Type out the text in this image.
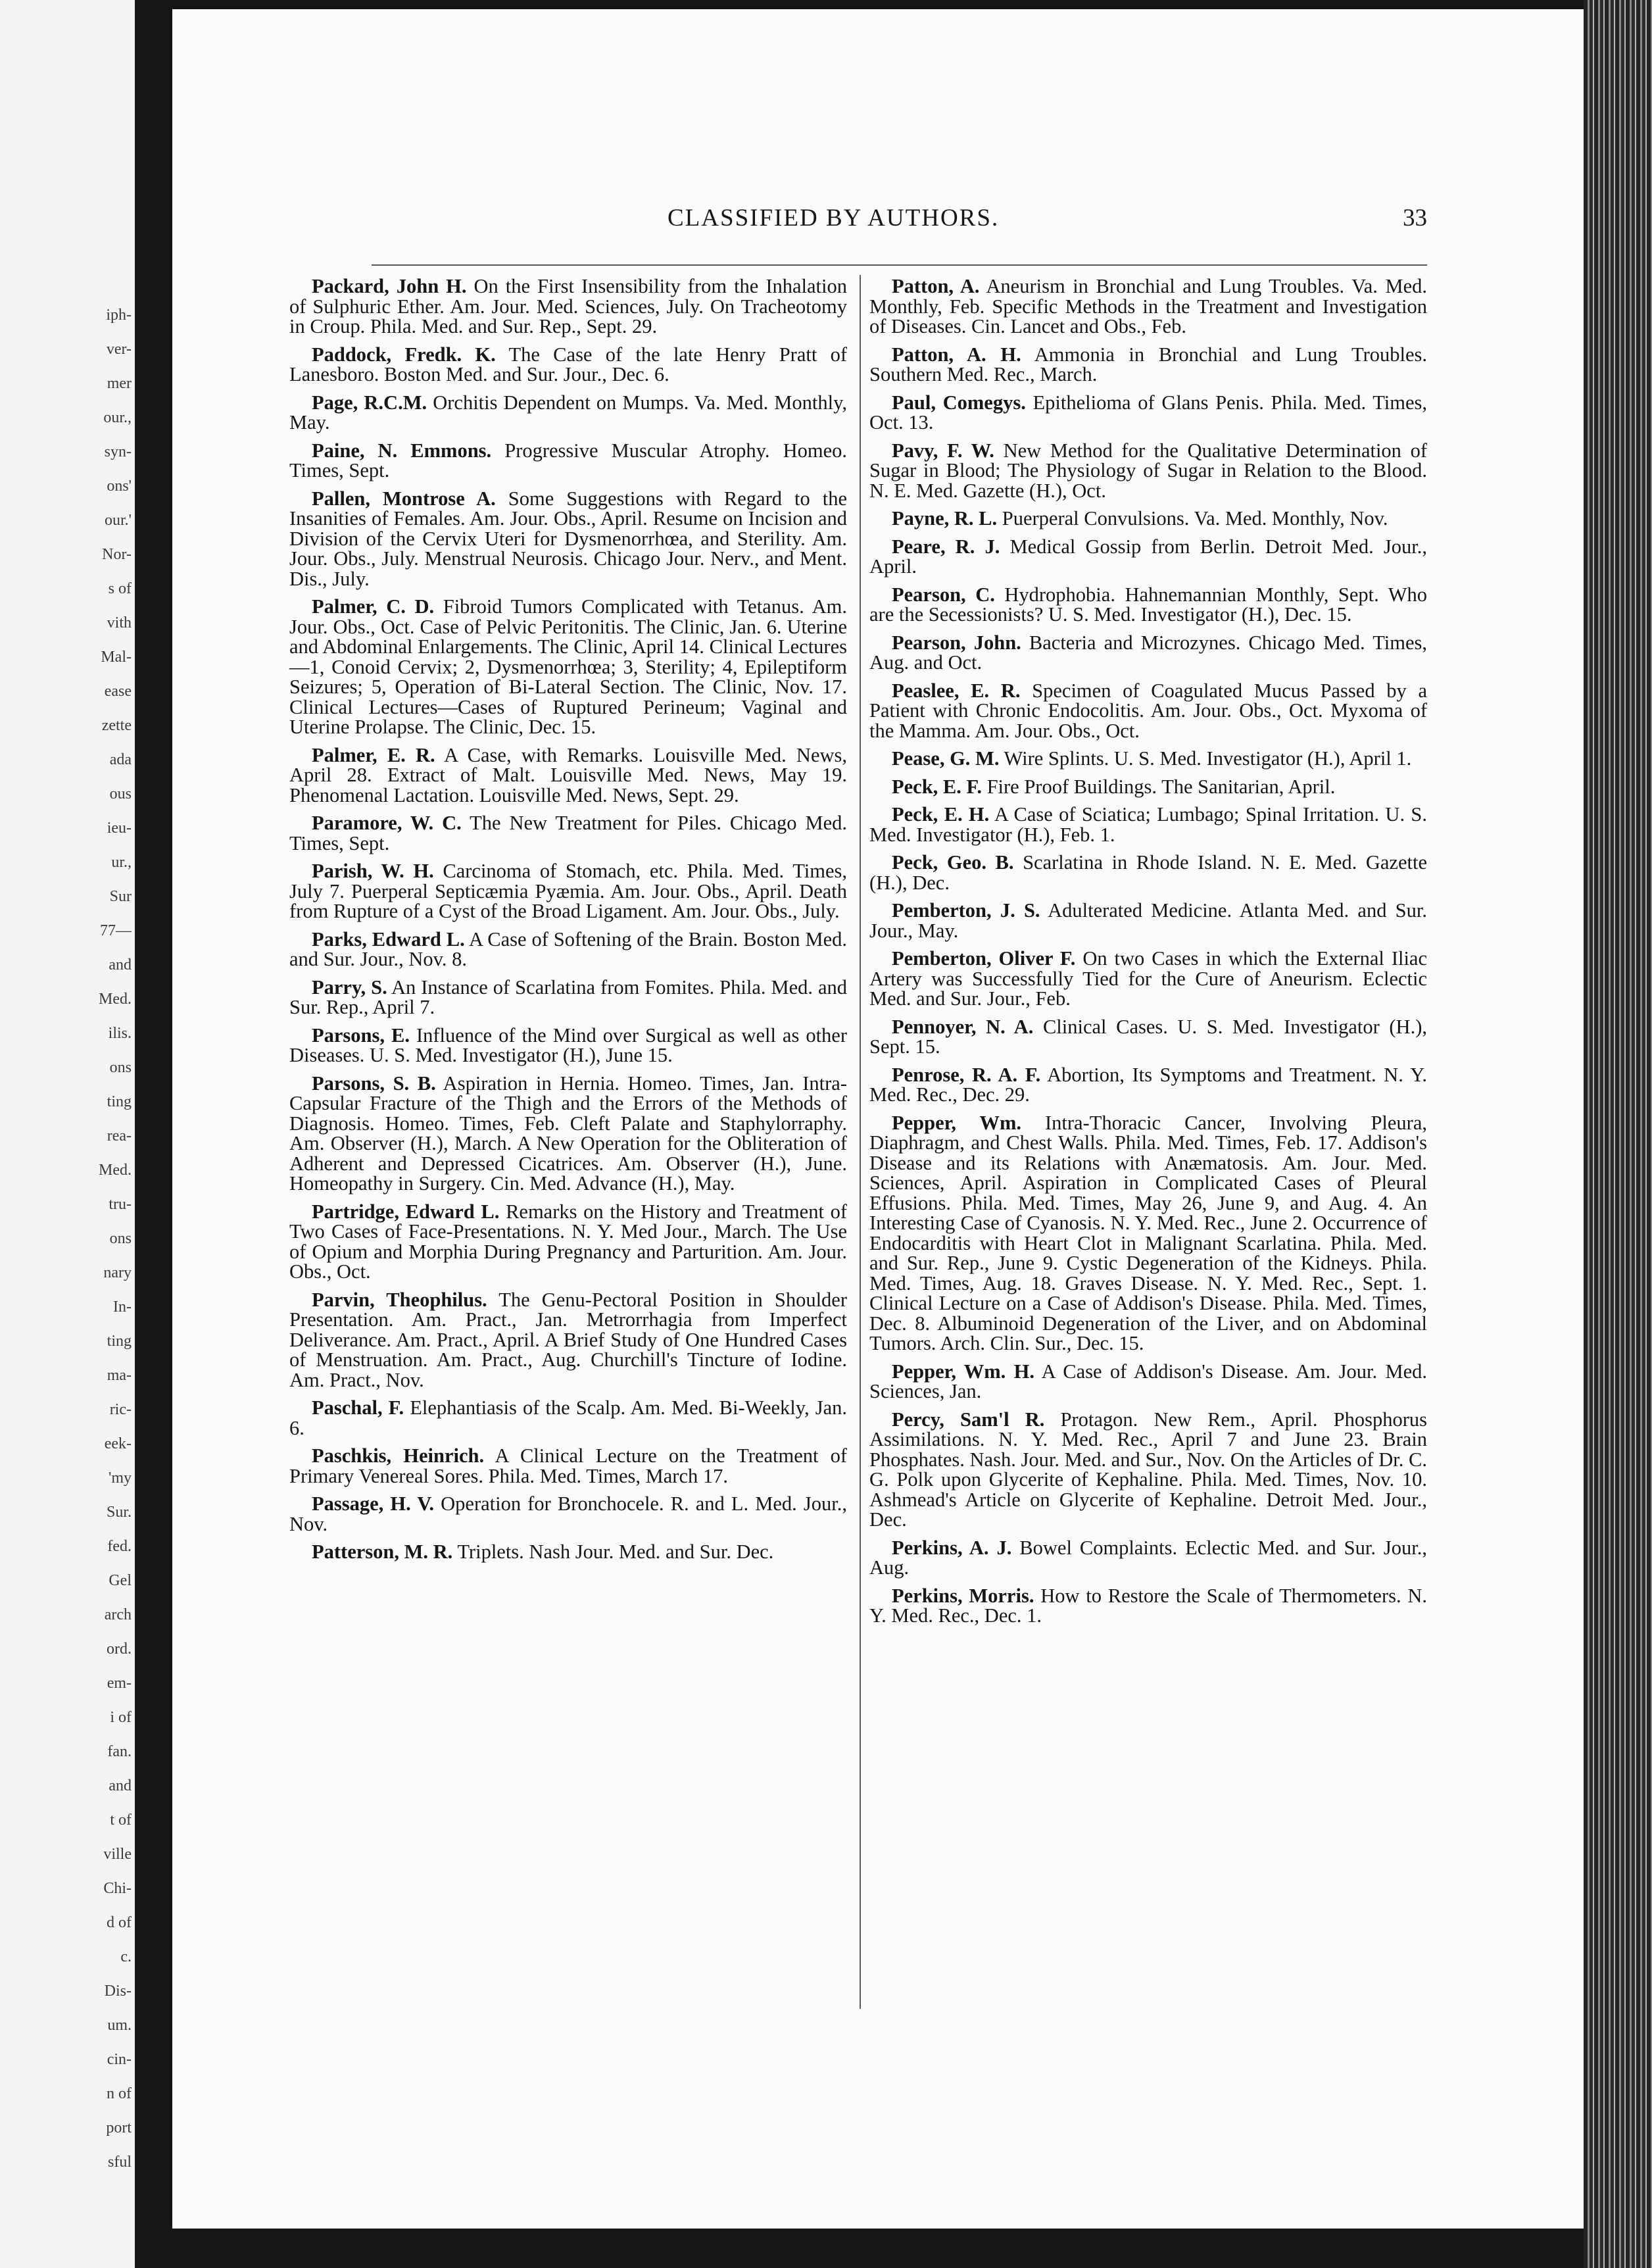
iph-
ver-
mer
our.,
syn-
ons'
our.'
Nor-
s of
vith
Mal-
ease
zette
ada
ous
ieu-
ur.,
Sur
77—
and
Med.
ilis.
ons
ting
rea-
Med.
tru-
ons
nary
In-
ting
ma-
ric-
eek-
'my
Sur.
fed.
Gel
arch
ord.
em-
i of
fan.
and
t of
ville
Chi-
d of
c.
Dis-
um.
cin-
n of
port
sful
CLASSIFIED BY AUTHORS.	33

Packard, John H. On the First Insensibility from the Inhalation of Sulphuric Ether. Am. Jour. Med. Sciences, July. On Tracheotomy in Croup. Phila. Med. and Sur. Rep., Sept. 29.

Paddock, Fredk. K. The Case of the late Henry Pratt of Lanesboro. Boston Med. and Sur. Jour., Dec. 6.

Page, R.C.M. Orchitis Dependent on Mumps. Va. Med. Monthly, May.

Paine, N. Emmons. Progressive Muscular Atrophy. Homeo. Times, Sept.

Pallen, Montrose A. Some Suggestions with Regard to the Insanities of Females. Am. Jour. Obs., April. Resume on Incision and Division of the Cervix Uteri for Dysmenorrhœa, and Sterility. Am. Jour. Obs., July. Menstrual Neurosis. Chicago Jour. Nerv., and Ment. Dis., July.

Palmer, C. D. Fibroid Tumors Complicated with Tetanus. Am. Jour. Obs., Oct. Case of Pelvic Peritonitis. The Clinic, Jan. 6. Uterine and Abdominal Enlargements. The Clinic, April 14. Clinical Lectures—1, Conoid Cervix; 2, Dysmenorrhœa; 3, Sterility; 4, Epileptiform Seizures; 5, Operation of Bi-Lateral Section. The Clinic, Nov. 17. Clinical Lectures—Cases of Ruptured Perineum; Vaginal and Uterine Prolapse. The Clinic, Dec. 15.

Palmer, E. R. A Case, with Remarks. Louisville Med. News, April 28. Extract of Malt. Louisville Med. News, May 19. Phenomenal Lactation. Louisville Med. News, Sept. 29.

Paramore, W. C. The New Treatment for Piles. Chicago Med. Times, Sept.

Parish, W. H. Carcinoma of Stomach, etc. Phila. Med. Times, July 7. Puerperal Septicæmia Pyæmia. Am. Jour. Obs., April. Death from Rupture of a Cyst of the Broad Ligament. Am. Jour. Obs., July.

Parks, Edward L. A Case of Softening of the Brain. Boston Med. and Sur. Jour., Nov. 8.

Parry, S. An Instance of Scarlatina from Fomites. Phila. Med. and Sur. Rep., April 7.

Parsons, E. Influence of the Mind over Surgical as well as other Diseases. U. S. Med. Investigator (H.), June 15.

Parsons, S. B. Aspiration in Hernia. Homeo. Times, Jan. Intra-Capsular Fracture of the Thigh and the Errors of the Methods of Diagnosis. Homeo. Times, Feb. Cleft Palate and Staphylorraphy. Am. Observer (H.), March. A New Operation for the Obliteration of Adherent and Depressed Cicatrices. Am. Observer (H.), June. Homeopathy in Surgery. Cin. Med. Advance (H.), May.

Partridge, Edward L. Remarks on the History and Treatment of Two Cases of Face-Presentations. N. Y. Med Jour., March. The Use of Opium and Morphia During Pregnancy and Parturition. Am. Jour. Obs., Oct.

Parvin, Theophilus. The Genu-Pectoral Position in Shoulder Presentation. Am. Pract., Jan. Metrorrhagia from Imperfect Deliverance. Am. Pract., April. A Brief Study of One Hundred Cases of Menstruation. Am. Pract., Aug. Churchill's Tincture of Iodine. Am. Pract., Nov.

Paschal, F. Elephantiasis of the Scalp. Am. Med. Bi-Weekly, Jan. 6.

Paschkis, Heinrich. A Clinical Lecture on the Treatment of Primary Venereal Sores. Phila. Med. Times, March 17.

Passage, H. V. Operation for Bronchocele. R. and L. Med. Jour., Nov.

Patterson, M. R. Triplets. Nash Jour. Med. and Sur. Dec.

Patton, A. Aneurism in Bronchial and Lung Troubles. Va. Med. Monthly, Feb. Specific Methods in the Treatment and Investigation of Diseases. Cin. Lancet and Obs., Feb.

Patton, A. H. Ammonia in Bronchial and Lung Troubles. Southern Med. Rec., March.

Paul, Comegys. Epithelioma of Glans Penis. Phila. Med. Times, Oct. 13.

Pavy, F. W. New Method for the Qualitative Determination of Sugar in Blood; The Physiology of Sugar in Relation to the Blood. N. E. Med. Gazette (H.), Oct.

Payne, R. L. Puerperal Convulsions. Va. Med. Monthly, Nov.

Peare, R. J. Medical Gossip from Berlin. Detroit Med. Jour., April.

Pearson, C. Hydrophobia. Hahnemannian Monthly, Sept. Who are the Secessionists? U. S. Med. Investigator (H.), Dec. 15.

Pearson, John. Bacteria and Microzynes. Chicago Med. Times, Aug. and Oct.

Peaslee, E. R. Specimen of Coagulated Mucus Passed by a Patient with Chronic Endocolitis. Am. Jour. Obs., Oct. Myxoma of the Mamma. Am. Jour. Obs., Oct.

Pease, G. M. Wire Splints. U. S. Med. Investigator (H.), April 1.

Peck, E. F. Fire Proof Buildings. The Sanitarian, April.

Peck, E. H. A Case of Sciatica; Lumbago; Spinal Irritation. U. S. Med. Investigator (H.), Feb. 1.

Peck, Geo. B. Scarlatina in Rhode Island. N. E. Med. Gazette (H.), Dec.

Pemberton, J. S. Adulterated Medicine. Atlanta Med. and Sur. Jour., May.

Pemberton, Oliver F. On two Cases in which the External Iliac Artery was Successfully Tied for the Cure of Aneurism. Eclectic Med. and Sur. Jour., Feb.

Pennoyer, N. A. Clinical Cases. U. S. Med. Investigator (H.), Sept. 15.

Penrose, R. A. F. Abortion, Its Symptoms and Treatment. N. Y. Med. Rec., Dec. 29.

Pepper, Wm. Intra-Thoracic Cancer, Involving Pleura, Diaphragm, and Chest Walls. Phila. Med. Times, Feb. 17. Addison's Disease and its Relations with Anæmatosis. Am. Jour. Med. Sciences, April. Aspiration in Complicated Cases of Pleural Effusions. Phila. Med. Times, May 26, June 9, and Aug. 4. An Interesting Case of Cyanosis. N. Y. Med. Rec., June 2. Occurrence of Endocarditis with Heart Clot in Malignant Scarlatina. Phila. Med. and Sur. Rep., June 9. Cystic Degeneration of the Kidneys. Phila. Med. Times, Aug. 18. Graves Disease. N. Y. Med. Rec., Sept. 1. Clinical Lecture on a Case of Addison's Disease. Phila. Med. Times, Dec. 8. Albuminoid Degeneration of the Liver, and on Abdominal Tumors. Arch. Clin. Sur., Dec. 15.

Pepper, Wm. H. A Case of Addison's Disease. Am. Jour. Med. Sciences, Jan.

Percy, Sam'l R. Protagon. New Rem., April. Phosphorus Assimilations. N. Y. Med. Rec., April 7 and June 23. Brain Phosphates. Nash. Jour. Med. and Sur., Nov. On the Articles of Dr. C. G. Polk upon Glycerite of Kephaline. Phila. Med. Times, Nov. 10. Ashmead's Article on Glycerite of Kephaline. Detroit Med. Jour., Dec.

Perkins, A. J. Bowel Complaints. Eclectic Med. and Sur. Jour., Aug.

Perkins, Morris. How to Restore the Scale of Thermometers. N. Y. Med. Rec., Dec. 1.
